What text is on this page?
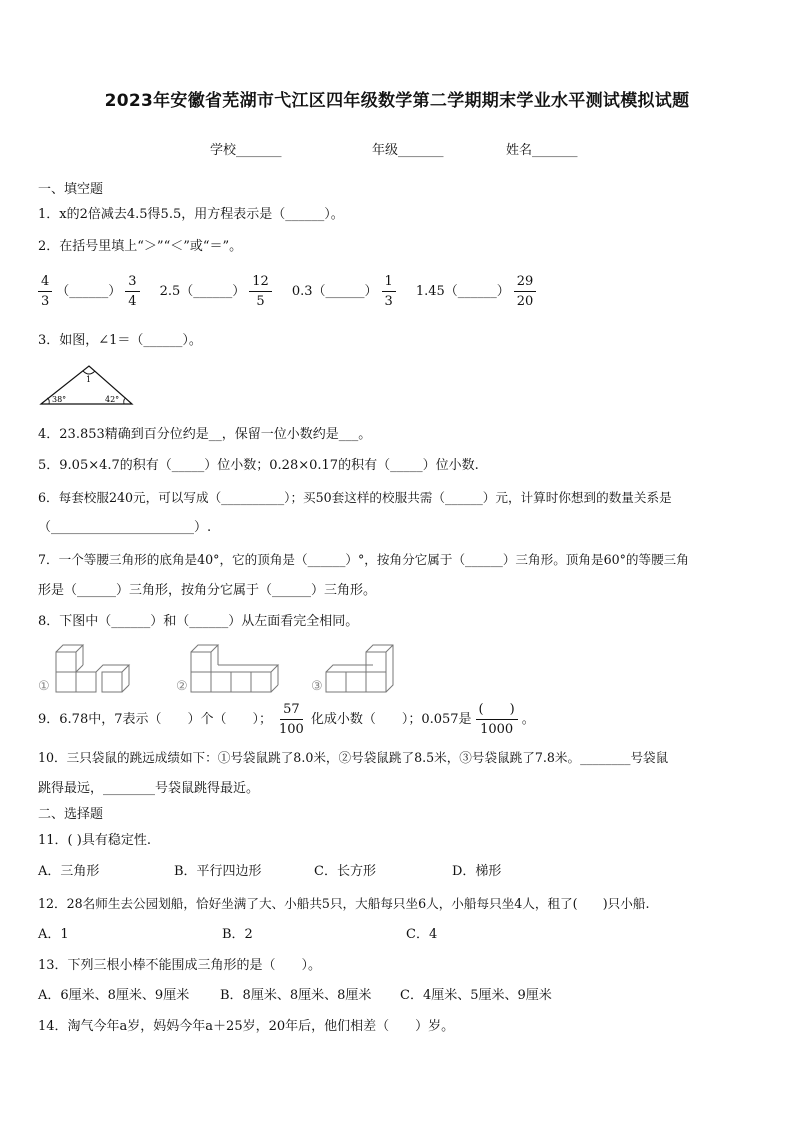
2023年安徽省芜湖市弋江区四年级数学第二学期期末学业水平测试模拟试题
学校_______	年级_______	姓名_______
一、填空题
1．x的2倍减去4.5得5.5，用方程表示是（______）。
2．在括号里填上“＞”“＜”或“＝”。
$\frac{4}{3}$ （______） $\frac{3}{4} 2.5$ （______） $\frac{12}{5} 0.3$ （______） $\frac{1}{3} 1.45$ （______） $\frac{29}{20}$
3．如图，∠1＝（______）。
1
38°	42°
4．23.853精确到百分位约是__，保留一位小数约是___。
5．9.05×4.7的积有（_____）位小数；0.28×0.17的积有（_____）位小数.
6．每套校服240元，可以写成（__________）；买50套这样的校服共需（______）元，计算时你想到的数量关系是
（______________________）.
7．一个等腰三角形的底角是40°，它的顶角是（______）°，按角分它属于（______）三角形。顶角是60°的等腰三角
形是（______）三角形，按角分它属于（______）三角形。
8．下图中（______）和（______）从左面看完全相同。
①	②	③
9．6.78中，7表示（　　）个（　　）； $\frac{57}{100}$ 化成小数（　　）；0.057是 $\frac{( )}{1000}$ 。
10．三只袋鼠的跳远成绩如下：①号袋鼠跳了8.0米，②号袋鼠跳了8.5米，③号袋鼠跳了7.8米。________号袋鼠
跳得最远，________号袋鼠跳得最近。
二、选择题
11．( )具有稳定性.
A．三角形	B．平行四边形	C．长方形	D．梯形
12．28名师生去公园划船，恰好坐满了大、小船共5只，大船每只坐6人，小船每只坐4人，租了(　　)只小船.
A．1	B．2	C．4
13．下列三根小棒不能围成三角形的是（　　）。
A．6厘米、8厘米、9厘米 B．8厘米、8厘米、8厘米 C．4厘米、5厘米、9厘米
14．淘气今年a岁，妈妈今年a＋25岁，20年后，他们相差（　　）岁。
